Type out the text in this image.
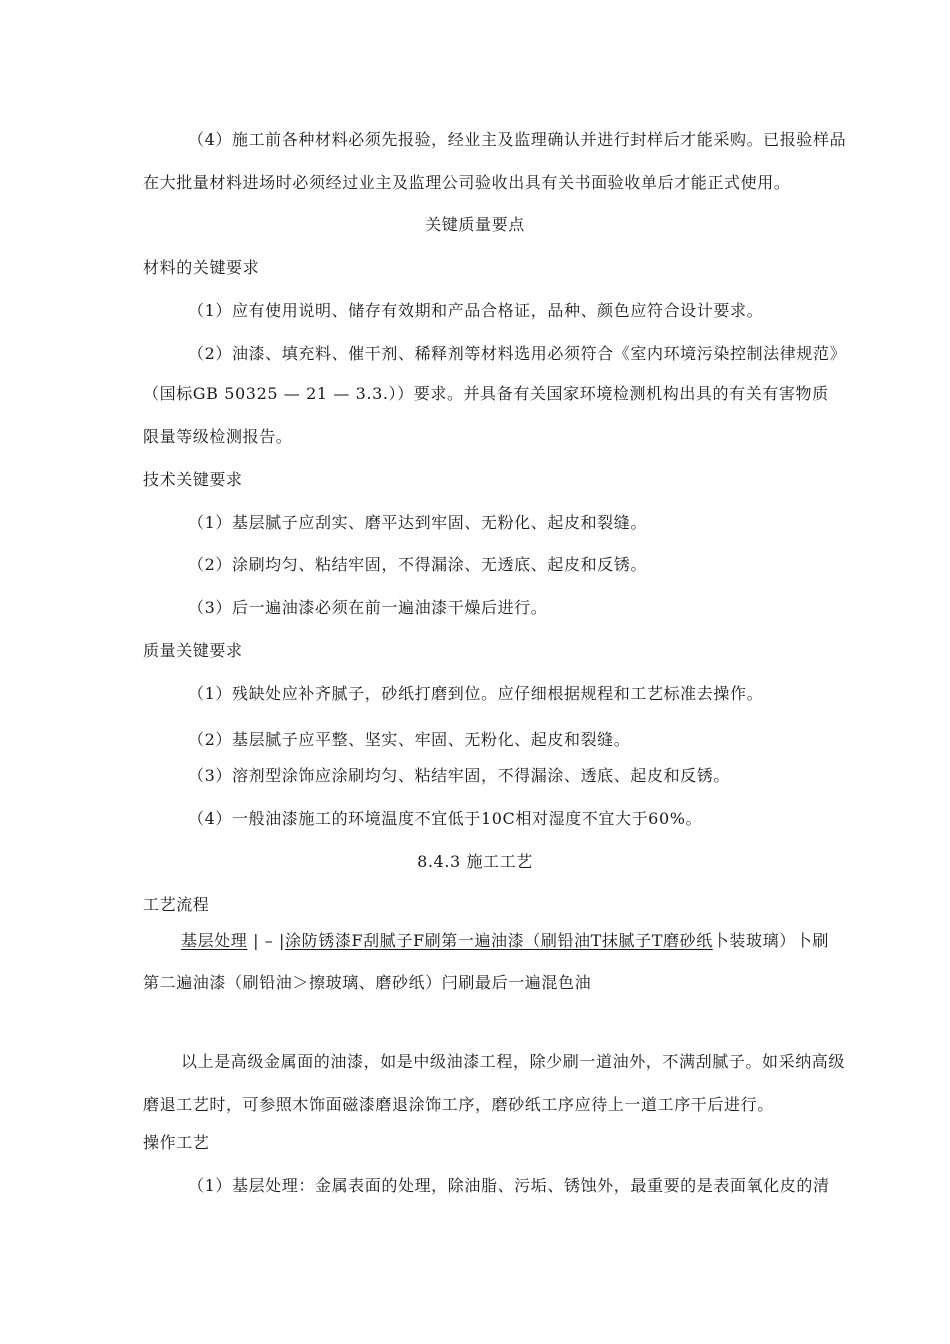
（4）施工前各种材料必须先报验，经业主及监理确认并进行封样后才能采购。已报验样品
在大批量材料进场时必须经过业主及监理公司验收出具有关书面验收单后才能正式使用。
关键质量要点
材料的关键要求
（1）应有使用说明、储存有效期和产品合格证，品种、颜色应符合设计要求。
（2）油漆、填充料、催干剂、稀释剂等材料选用必须符合《室内环境污染控制法律规范》
（国标GB 50325 — 21 — 3.3.））要求。并具备有关国家环境检测机构出具的有关有害物质
限量等级检测报告。
技术关键要求
（1）基层腻子应刮实、磨平达到牢固、无粉化、起皮和裂缝。
（2）涂刷均匀、粘结牢固，不得漏涂、无透底、起皮和反锈。
（3）后一遍油漆必须在前一遍油漆干燥后进行。
质量关键要求
（1）残缺处应补齐腻子，砂纸打磨到位。应仔细根据规程和工艺标准去操作。
（2）基层腻子应平整、坚实、牢固、无粉化、起皮和裂缝。
（3）溶剂型涂饰应涂刷均匀、粘结牢固，不得漏涂、透底、起皮和反锈。
（4）一般油漆施工的环境温度不宜低于10C相对湿度不宜大于60%。
8.4.3 施工工艺
工艺流程
基层处理 | – |涂防锈漆F刮腻子F刷第一遍油漆（刷铅油T抹腻子T磨砂纸卜装玻璃）卜刷
第二遍油漆（刷铅油＞擦玻璃、磨砂纸）闩刷最后一遍混色油
以上是高级金属面的油漆，如是中级油漆工程，除少刷一道油外，不满刮腻子。如采纳高级
磨退工艺时，可参照木饰面磁漆磨退涂饰工序，磨砂纸工序应待上一道工序干后进行。
操作工艺
（1）基层处理：金属表面的处理，除油脂、污垢、锈蚀外，最重要的是表面氧化皮的清
